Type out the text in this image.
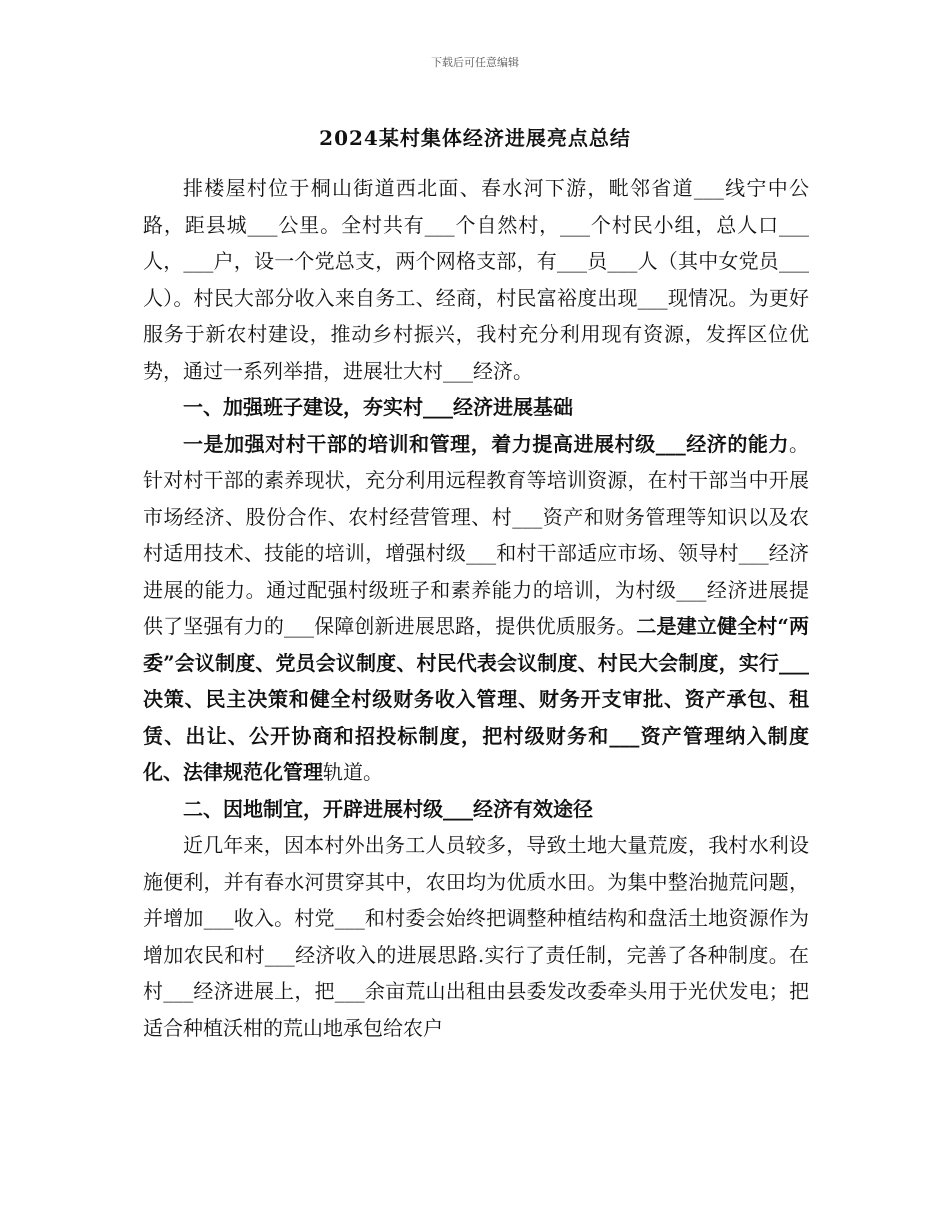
下载后可任意编辑
2024某村集体经济进展亮点总结

排楼屋村位于桐山街道西北面、春水河下游，毗邻省道___线宁中公路，距县城___公里。全村共有___个自然村，___个村民小组，总人口___人，___户，设一个党总支，两个网格支部，有___员___人（其中女党员___人）。村民大部分收入来自务工、经商，村民富裕度出现___现情况。为更好服务于新农村建设，推动乡村振兴，我村充分利用现有资源，发挥区位优势，通过一系列举措，进展壮大村___经济。

一、加强班子建设，夯实村___经济进展基础

一是加强对村干部的培训和管理，着力提高进展村级___经济的能力。针对村干部的素养现状，充分利用远程教育等培训资源，在村干部当中开展市场经济、股份合作、农村经营管理、村___资产和财务管理等知识以及农村适用技术、技能的培训，增强村级___和村干部适应市场、领导村___经济进展的能力。通过配强村级班子和素养能力的培训，为村级___经济进展提供了坚强有力的___保障创新进展思路，提供优质服务。二是建立健全村“两委”会议制度、党员会议制度、村民代表会议制度、村民大会制度，实行___决策、民主决策和健全村级财务收入管理、财务开支审批、资产承包、租赁、出让、公开协商和招投标制度，把村级财务和___资产管理纳入制度化、法律规范化管理轨道。

二、因地制宜，开辟进展村级___经济有效途径

近几年来，因本村外出务工人员较多，导致土地大量荒废，我村水利设施便利，并有春水河贯穿其中，农田均为优质水田。为集中整治抛荒问题，并增加___收入。村党___和村委会始终把调整种植结构和盘活土地资源作为增加农民和村___经济收入的进展思路.实行了责任制，完善了各种制度。在村___经济进展上，把___余亩荒山出租由县委发改委牵头用于光伏发电；把适合种植沃柑的荒山地承包给农户
